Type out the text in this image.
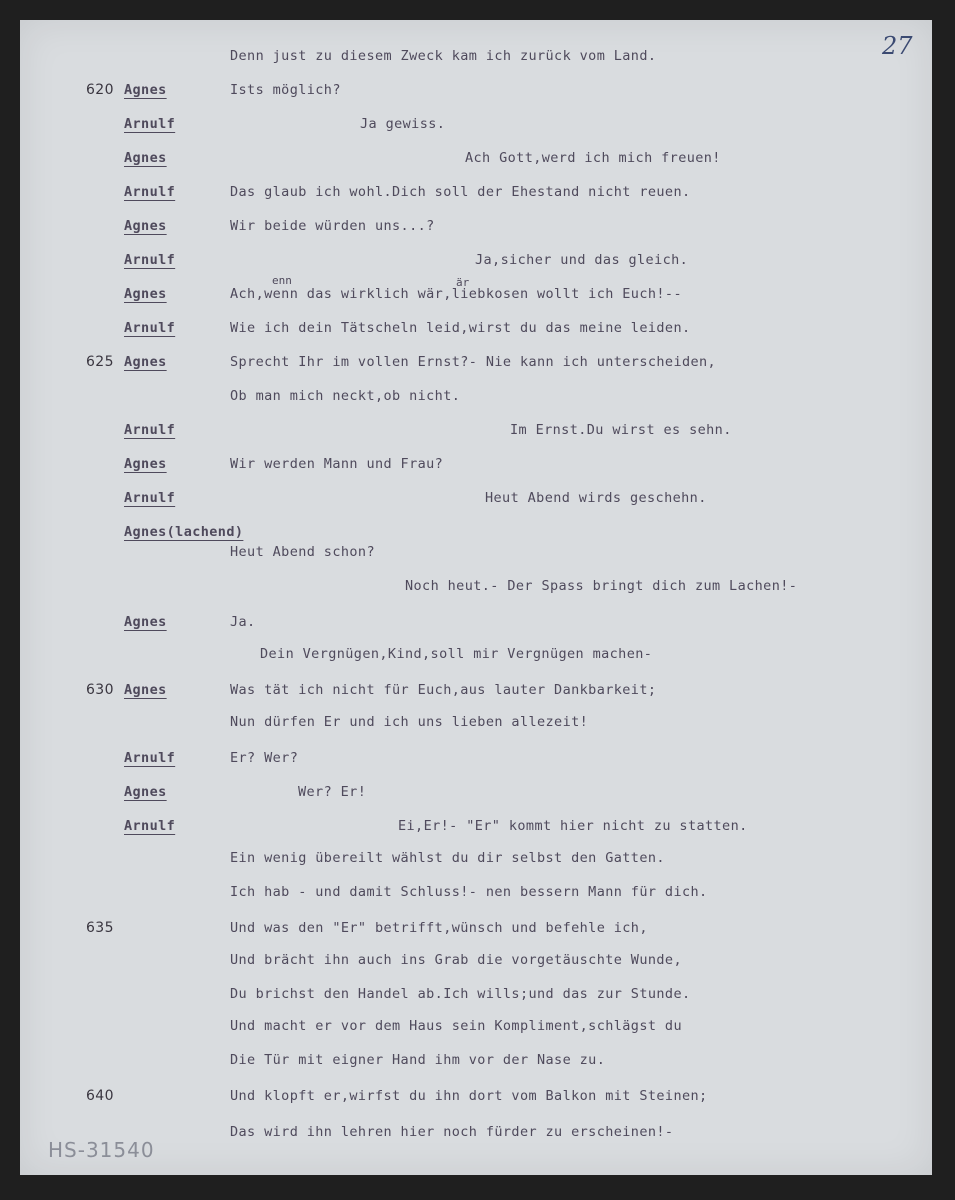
27
Denn just zu diesem Zweck kam ich zurück vom Land.
620 Agnes	Ists möglich?
Arnulf	Ja gewiss.
Agnes	Ach Gott,werd ich mich freuen!
Arnulf	Das glaub ich wohl.Dich soll der Ehestand nicht reuen.
Agnes	Wir beide würden uns...?
Arnulf	Ja,sicher und das gleich.
Agnes	Ach,wenn das wirklich wär,liebkosen wollt ich Euch!--
Arnulf	Wie ich dein Tätscheln leid,wirst du das meine leiden.
625 Agnes	Sprecht Ihr im vollen Ernst?- Nie kann ich unterscheiden,
Ob man mich neckt,ob nicht.
Arnulf	Im Ernst.Du wirst es sehn.
Agnes	Wir werden Mann und Frau?
Arnulf	Heut Abend wirds geschehn.
Agnes(lachend)
Heut Abend schon?
Noch heut.- Der Spass bringt dich zum Lachen!-
Agnes	Ja.
Dein Vergnügen,Kind,soll mir Vergnügen machen-
630 Agnes	Was tät ich nicht für Euch,aus lauter Dankbarkeit;
Nun dürfen Er und ich uns lieben allezeit!
Arnulf	Er? Wer?
Agnes	Wer? Er!
Arnulf	Ei,Er!- "Er" kommt hier nicht zu statten.
Ein wenig übereilt wählst du dir selbst den Gatten.
Ich hab - und damit Schluss!- nen bessern Mann für dich.
635	Und was den "Er" betrifft,wünsch und befehle ich,
Und brächt ihn auch ins Grab die vorgetäuschte Wunde,
Du brichst den Handel ab.Ich wills;und das zur Stunde.
Und macht er vor dem Haus sein Kompliment,schlägst du
Die Tür mit eigner Hand ihm vor der Nase zu.
640	Und klopft er,wirfst du ihn dort vom Balkon mit Steinen;
Das wird ihn lehren hier noch fürder zu erscheinen!-
enn	är
HS-31540
